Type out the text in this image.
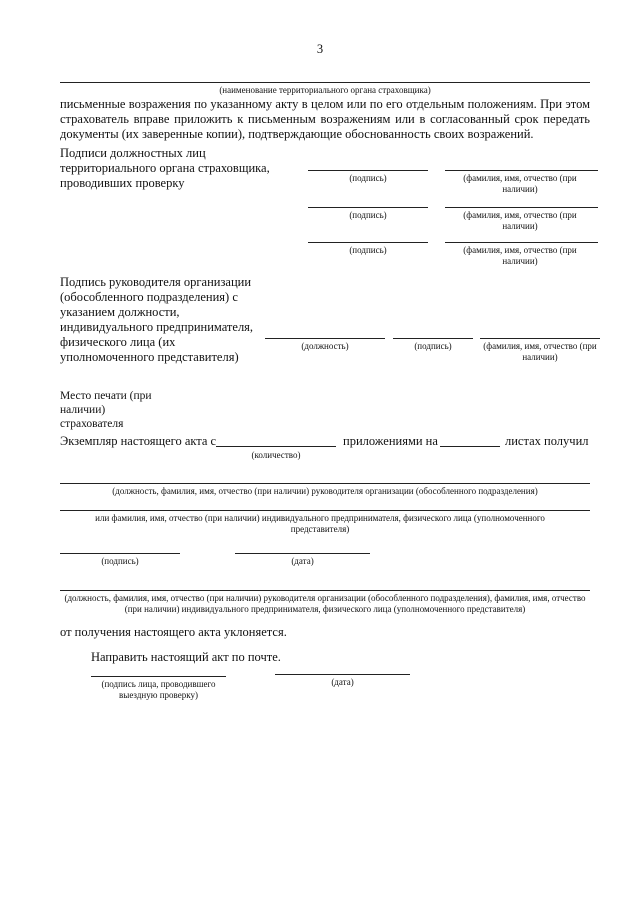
3
(наименование территориального органа страховщика)
письменные возражения по указанному акту в целом или по его отдельным положениям. При этом страхователь вправе приложить к письменным возражениям или в согласованный срок передать документы (их заверенные копии), подтверждающие обоснованность своих возражений.
Подписи должностных лиц территориального органа страховщика, проводивших проверку	(подпись)	(фамилия, имя, отчество (при наличии)
(подпись)	(фамилия, имя, отчество (при наличии)
(подпись)	(фамилия, имя, отчество (при наличии)
Подпись руководителя организации (обособленного подразделения) с указанием должности, индивидуального предпринимателя, физического лица (их уполномоченного представителя)
(должность)	(подпись)	(фамилия, имя, отчество (при наличии)
Место печати (при наличии) страхователя
Экземпляр настоящего акта с
(количество)
приложениями на	листах получил
(должность, фамилия, имя, отчество (при наличии) руководителя организации (обособленного подразделения)
или фамилия, имя, отчество (при наличии) индивидуального предпринимателя, физического лица (уполномоченного представителя)
(подпись)	(дата)
(должность, фамилия, имя, отчество (при наличии) руководителя организации (обособленного подразделения), фамилия, имя, отчество (при наличии) индивидуального предпринимателя, физического лица (уполномоченного представителя)
от получения настоящего акта уклоняется.
Направить настоящий акт по почте.
(подпись лица, проводившего выездную проверку)
(дата)
